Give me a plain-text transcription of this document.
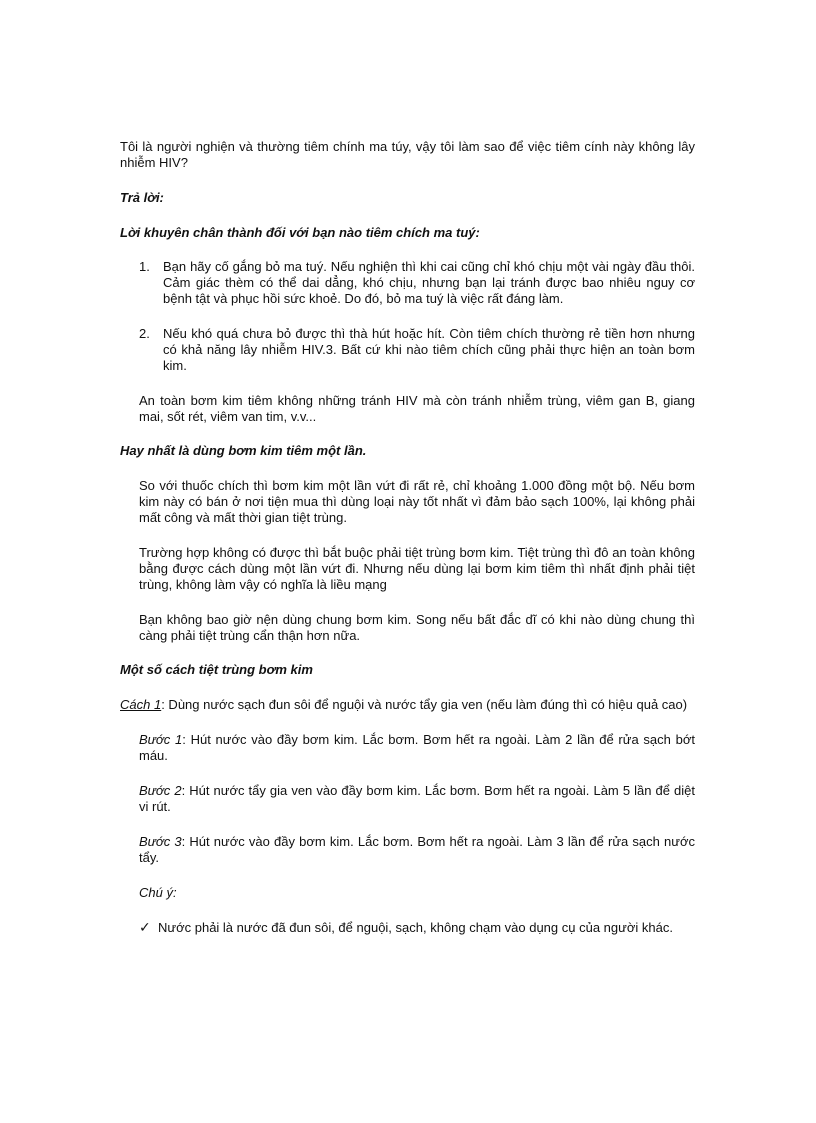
Tôi là người nghiện và thường tiêm chính ma túy, vậy tôi làm sao để việc tiêm cính này không lây nhiễm HIV?

Trả lời:

Lời khuyên chân thành đối với bạn nào tiêm chích ma tuý:

1. Bạn hãy cố gắng bỏ ma tuý. Nếu nghiện thì khi cai cũng chỉ khó chịu một vài ngày đầu thôi. Cảm giác thèm có thể dai dẳng, khó chịu, nhưng bạn lại tránh được bao nhiêu nguy cơ bệnh tật và phục hồi sức khoẻ. Do đó, bỏ ma tuý là việc rất đáng làm.
2. Nếu khó quá chưa bỏ được thì thà hút hoặc hít. Còn tiêm chích thường rẻ tiền hơn nhưng có khả năng lây nhiễm HIV.3. Bất cứ khi nào tiêm chích cũng phải thực hiện an toàn bơm kim.

An toàn bơm kim tiêm không những tránh HIV mà còn tránh nhiễm trùng, viêm gan B, giang mai, sốt rét, viêm van tim, v.v...

Hay nhất là dùng bơm kim tiêm một lần.

So với thuốc chích thì bơm kim một lần vứt đi rất rẻ, chỉ khoảng 1.000 đồng một bộ. Nếu bơm kim này có bán ở nơi tiện mua thì dùng loại này tốt nhất vì đảm bảo sạch 100%, lại không phải mất công và mất thời gian tiệt trùng.

Trường hợp không có được thì bắt buộc phải tiệt trùng bơm kim. Tiệt trùng thì đô an toàn không bằng được cách dùng một lần vứt đi. Nhưng nếu dùng lại bơm kim tiêm thì nhất định phải tiệt trùng, không làm vậy có nghĩa là liều mạng

Bạn không bao giờ nện dùng chung bơm kim. Song nếu bất đắc dĩ có khi nào dùng chung thì càng phải tiệt trùng cẩn thận hơn nữa.

Một số cách tiệt trùng bơm kim

Cách 1: Dùng nước sạch đun sôi để nguội và nước tẩy gia ven (nếu làm đúng thì có hiệu quả cao)

Bước 1: Hút nước vào đầy bơm kim. Lắc bơm. Bơm hết ra ngoài. Làm 2 lần để rửa sạch bớt máu.

Bước 2: Hút nước tẩy gia ven vào đầy bơm kim. Lắc bơm. Bơm hết ra ngoài. Làm 5 lần để diệt vi rút.

Bước 3: Hút nước vào đầy bơm kim. Lắc bơm. Bơm hết ra ngoài. Làm 3 lần để rửa sạch nước tẩy.

Chú ý:

✓ Nước phải là nước đã đun sôi, để nguội, sạch, không chạm vào dụng cụ của người khác.
